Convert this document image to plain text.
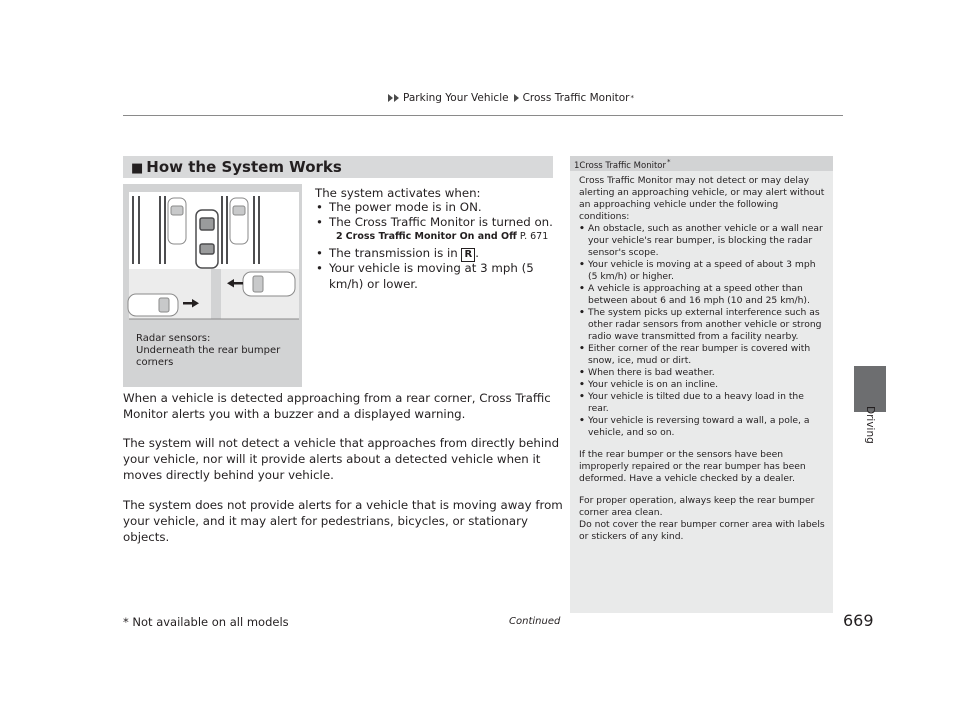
Parking Your Vehicle Cross Traffic Monitor *
Driving
■ How the System Works
Radar sensors:
Underneath the rear bumper
corners
The system activates when:
• The power mode is in ON.
• The Cross Traffic Monitor is turned on.
2 Cross Traffic Monitor On and Off P. 671
• The transmission is in R .
• Your vehicle is moving at 3 mph (5 km/h) or lower.
When a vehicle is detected approaching from a rear corner, Cross Traffic Monitor alerts you with a buzzer and a displayed warning.
The system will not detect a vehicle that approaches from directly behind your vehicle, nor will it provide alerts about a detected vehicle when it moves directly behind your vehicle.
The system does not provide alerts for a vehicle that is moving away from your vehicle, and it may alert for pedestrians, bicycles, or stationary objects.
1Cross Traffic Monitor*

Cross Traffic Monitor may not detect or may delay alerting an approaching vehicle, or may alert without an approaching vehicle under the following conditions:

• An obstacle, such as another vehicle or a wall near your vehicle's rear bumper, is blocking the radar sensor's scope.
• Your vehicle is moving at a speed of about 3 mph (5 km/h) or higher.
• A vehicle is approaching at a speed other than between about 6 and 16 mph (10 and 25 km/h).
• The system picks up external interference such as other radar sensors from another vehicle or strong radio wave transmitted from a facility nearby.
• Either corner of the rear bumper is covered with snow, ice, mud or dirt.
• When there is bad weather.
• Your vehicle is on an incline.
• Your vehicle is tilted due to a heavy load in the rear.
• Your vehicle is reversing toward a wall, a pole, a vehicle, and so on.

If the rear bumper or the sensors have been improperly repaired or the rear bumper has been deformed. Have a vehicle checked by a dealer.

For proper operation, always keep the rear bumper corner area clean.

Do not cover the rear bumper corner area with labels or stickers of any kind.

* Not available on all models	Continued	669
